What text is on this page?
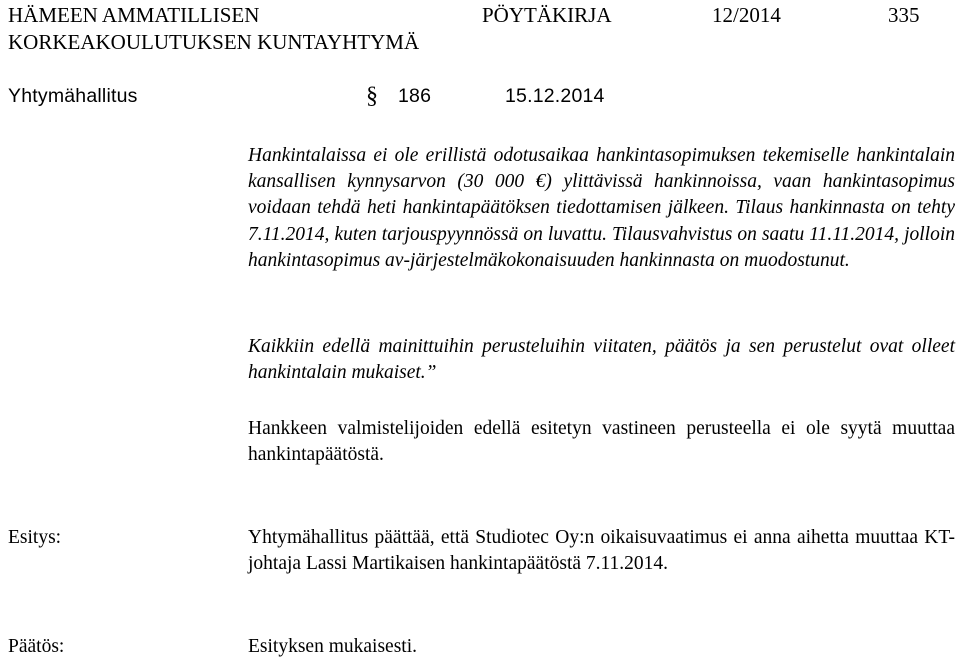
HÄMEEN AMMATILLISEN
KORKEAKOULUTUKSEN KUNTAYHTYMÄ
PÖYTÄKIRJA	12/2014	335
Yhtymähallitus	§ 186	15.12.2014
Hankintalaissa ei ole erillistä odotusaikaa hankintasopimuksen tekemiselle hankintalain kansallisen kynnysarvon (30 000 €) ylittävissä hankinnoissa, vaan hankintasopimus voidaan tehdä heti hankintapäätöksen tiedottamisen jälkeen. Tilaus hankinnasta on tehty 7.11.2014, kuten tarjouspyynnössä on luvattu. Tilausvahvistus on saatu 11.11.2014, jolloin hankintasopimus av-järjestelmäkokonaisuuden hankinnasta on muodostunut.
Kaikkiin edellä mainittuihin perusteluihin viitaten, päätös ja sen perustelut ovat olleet hankintalain mukaiset.”
Hankkeen valmistelijoiden edellä esitetyn vastineen perusteella ei ole syytä muuttaa hankintapäätöstä.
Esitys:	Yhtymähallitus päättää, että Studiotec Oy:n oikaisuvaatimus ei anna aihetta muuttaa KT-johtaja Lassi Martikaisen hankintapäätöstä 7.11.2014.
Päätös:	Esityksen mukaisesti.
